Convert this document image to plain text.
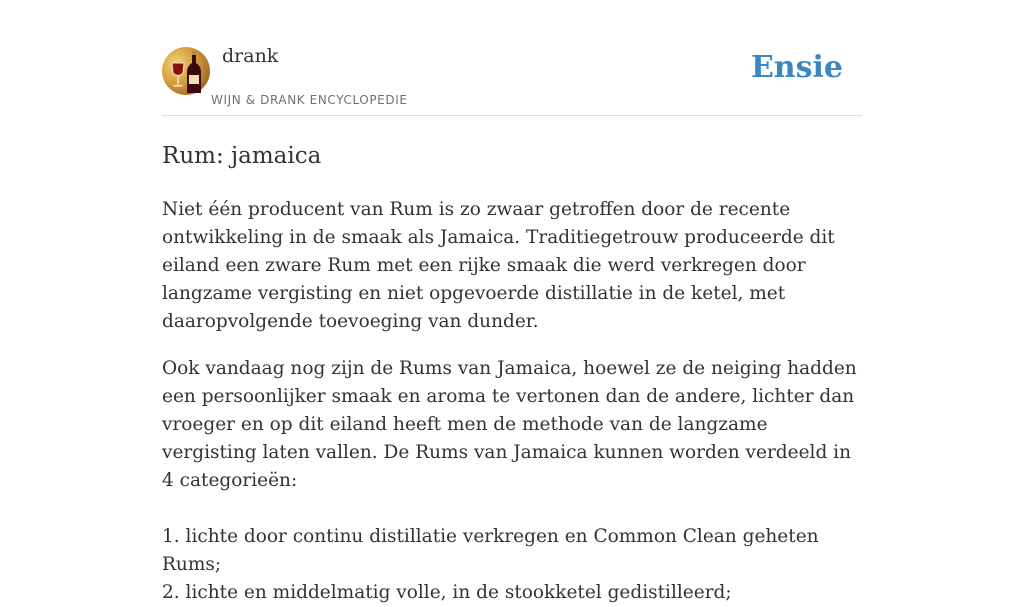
drank
WIJN & DRANK ENCYCLOPEDIE
Ensie
Rum: jamaica

Niet één producent van Rum is zo zwaar getroffen door de recente ontwikkeling in de smaak als Jamaica. Traditiegetrouw produceerde dit eiland een zware Rum met een rijke smaak die werd verkregen door langzame vergisting en niet opgevoerde distillatie in de ketel, met daaropvolgende toevoeging van dunder.

Ook vandaag nog zijn de Rums van Jamaica, hoewel ze de neiging hadden een persoonlijker smaak en aroma te vertonen dan de andere, lichter dan vroeger en op dit eiland heeft men de methode van de langzame vergisting laten vallen. De Rums van Jamaica kunnen worden verdeeld in 4 categorieën:

1. lichte door continu distillatie verkregen en Common Clean geheten Rums;
2. lichte en middelmatig volle, in de stookketel gedistilleerd;
